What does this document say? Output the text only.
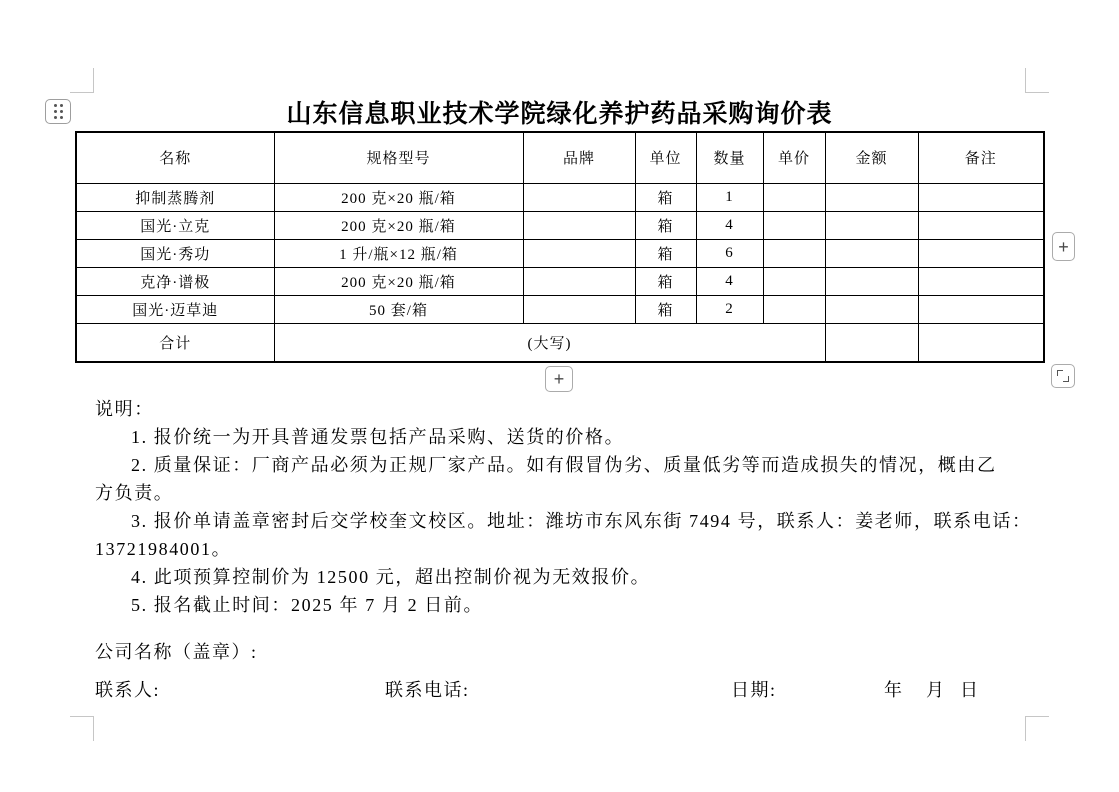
山东信息职业技术学院绿化养护药品采购询价表
名称	规格型号	品牌	单位	数量	单价	金额	备注
抑制蒸腾剂	200 克×20 瓶/箱		箱	1			
国光·立克	200 克×20 瓶/箱		箱	4			
国光·秀功	1 升/瓶×12 瓶/箱		箱	6			
克净·谱极	200 克×20 瓶/箱		箱	4			
国光·迈草迪	50 套/箱		箱	2			
合计	(大写)						
+
+
说明：
1. 报价统一为开具普通发票包括产品采购、送货的价格。
2. 质量保证：厂商产品必须为正规厂家产品。如有假冒伪劣、质量低劣等而造成损失的情况，概由乙
方负责。
3. 报价单请盖章密封后交学校奎文校区。地址：潍坊市东风东街 7494 号，联系人：姜老师，联系电话：
13721984001。
4. 此项预算控制价为 12500 元，超出控制价视为无效报价。
5. 报名截止时间：2025 年 7 月 2 日前。
公司名称（盖章）:
联系人:	联系电话:	日期:	年 月 日
